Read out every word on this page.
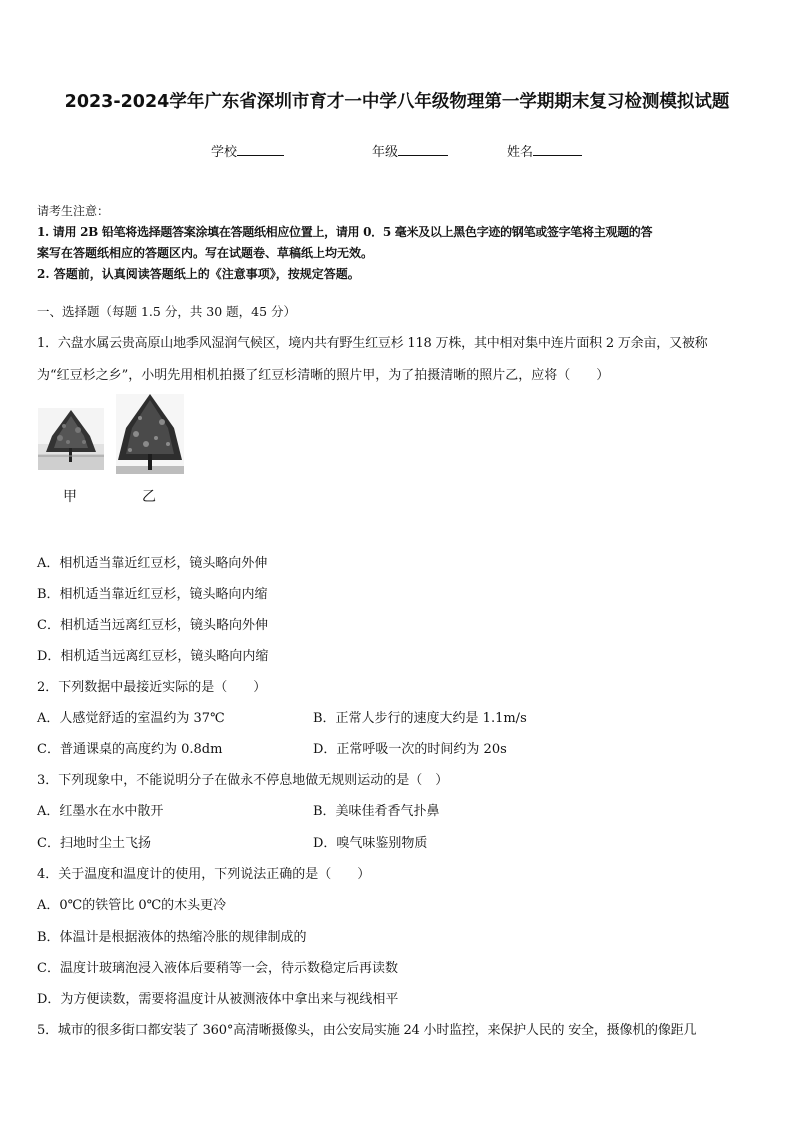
2023-2024学年广东省深圳市育才一中学八年级物理第一学期期末复习检测模拟试题
学校	年级	姓名
请考生注意：
1. 请用 2B 铅笔将选择题答案涂填在答题纸相应位置上，请用 0．5 毫米及以上黑色字迹的钢笔或签字笔将主观题的答
案写在答题纸相应的答题区内。写在试题卷、草稿纸上均无效。
2. 答题前，认真阅读答题纸上的《注意事项》，按规定答题。
一、选择题（每题 1.5 分，共 30 题，45 分）
1．六盘水属云贵高原山地季风湿润气候区，境内共有野生红豆杉 118 万株，其中相对集中连片面积 2 万余亩，又被称
为“红豆杉之乡”，小明先用相机拍摄了红豆杉清晰的照片甲，为了拍摄清晰的照片乙，应将（　　）
甲	乙
A．相机适当靠近红豆杉，镜头略向外伸
B．相机适当靠近红豆杉，镜头略向内缩
C．相机适当远离红豆杉，镜头略向外伸
D．相机适当远离红豆杉，镜头略向内缩
2．下列数据中最接近实际的是（　　）
A．人感觉舒适的室温约为 37℃	B．正常人步行的速度大约是 1.1m/s
C．普通课桌的高度约为 0.8dm	D．正常呼吸一次的时间约为 20s
3．下列现象中，不能说明分子在做永不停息地做无规则运动的是（　）
A．红墨水在水中散开	B．美味佳肴香气扑鼻
C．扫地时尘土飞扬	D．嗅气味鉴别物质
4．关于温度和温度计的使用，下列说法正确的是（　　）
A．0℃的铁管比 0℃的木头更冷
B．体温计是根据液体的热缩冷胀的规律制成的
C．温度计玻璃泡浸入液体后要稍等一会，待示数稳定后再读数
D．为方便读数，需要将温度计从被测液体中拿出来与视线相平
5．城市的很多街口都安装了 360°高清晰摄像头，由公安局实施 24 小时监控，来保护人民的 安全，摄像机的像距几
